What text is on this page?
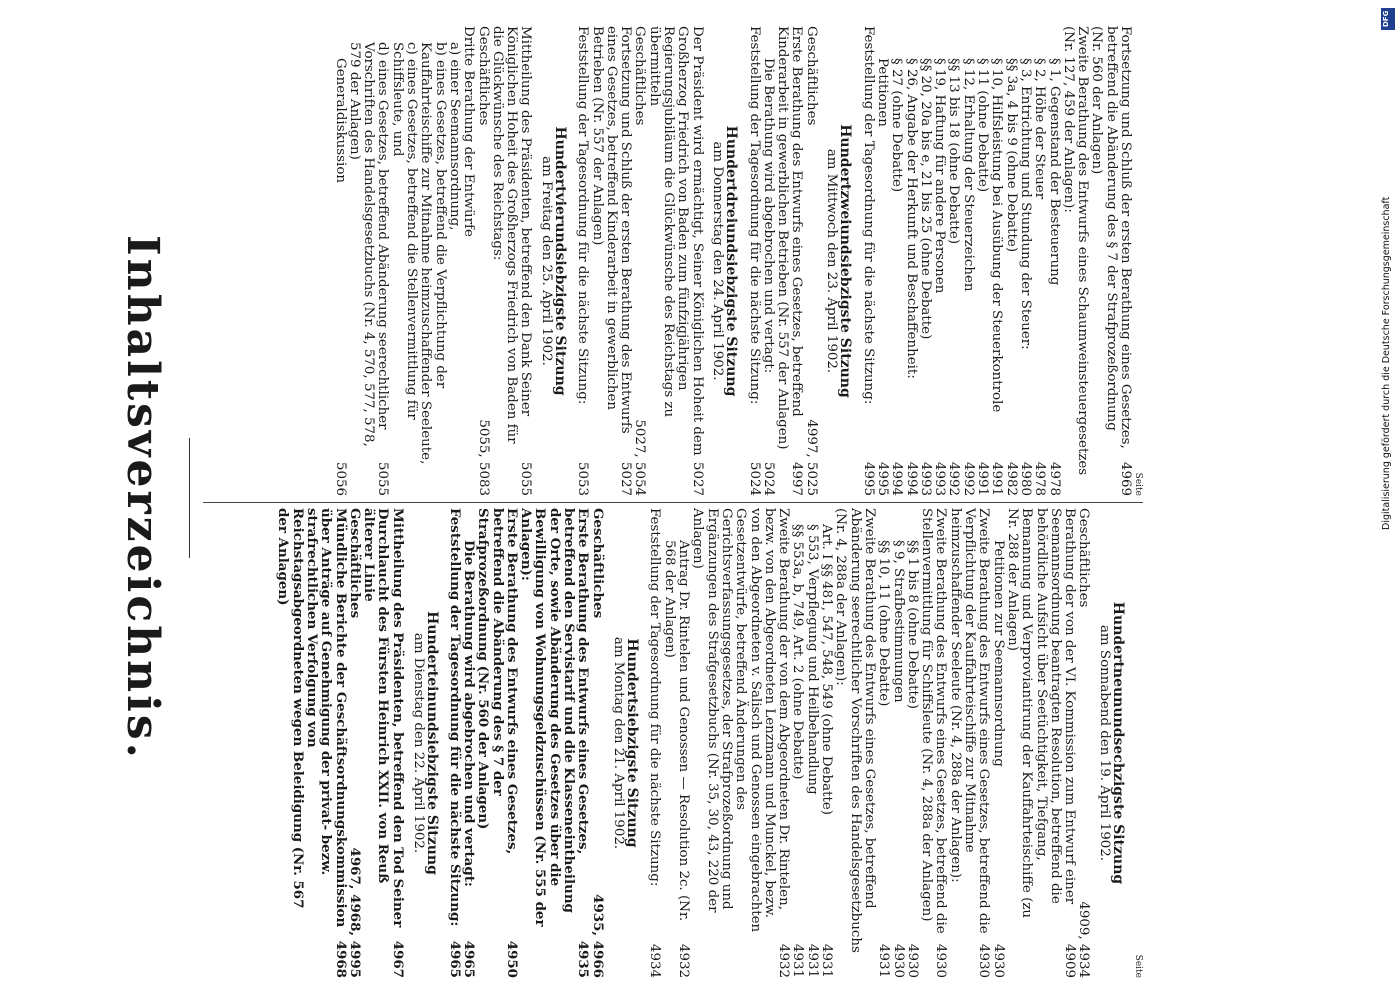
Inhaltsverzeichnis.
Seite
Hundertneunundsechzigste Sitzung
am Sonnabend den 19. April 1902.
Geschäftliches
4909, 4934
Berathung der von der VI. Kommission zum Entwurf einer Seemannsordnung beantragten Resolution, betreffend die behördliche Aufsicht über Seetüchtigkeit, Tiefgang, Bemannung und Verproviantirung der Kauffahrteischiffe (zu Nr. 288 der Anlagen)
4909
Petitionen zur Seemannsordnung
4930
Zweite Berathung des Entwurfs eines Gesetzes, betreffend die Verpflichtung der Kauffahrteischiffe zur Mitnahme heimzuschaffender Seeleute (Nr. 4, 288a der Anlagen):
4930
Zweite Berathung des Entwurfs eines Gesetzes, betreffend die Stellenvermittlung für Schiffsleute (Nr. 4, 288a der Anlagen)
4930
§§ 1 bis 8 (ohne Debatte)
4930
§ 9, Strafbestimmungen
4930
§§ 10, 11 (ohne Debatte)
4931
Zweite Berathung des Entwurfs eines Gesetzes, betreffend Abänderung seerechtlicher Vorschriften des Handelsgesetzbuchs (Nr. 4, 288a der Anlagen):
Art. I §§ 481, 547, 548, 549 (ohne Debatte)
4931
§ 553, Verpflegung und Heilbehandlung
4931
§§ 553a, b, 749, Art. 2 (ohne Debatte)
4931
Zweite Berathung der von dem Abgeordneten Dr. Rintelen, bezw. von den Abgeordneten Lenzmann und Munckel, bezw. von den Abgeordneten v. Salisch und Genossen eingebrachten Gesetzentwürfe, betreffend Änderungen des Gerichtsverfassungsgesetzes, der Strafprozeßordnung und Ergänzungen des Strafgesetzbuchs (Nr. 35, 30, 43, 220 der Anlagen)
4932
Antrag Dr. Rintelen und Genossen — Resolution 2c. (Nr. 568 der Anlagen)
4932
Feststellung der Tagesordnung für die nächste Sitzung:
4934
Hundertsiebzigste Sitzung
am Montag den 21. April 1902.
Geschäftliches
4935, 4966
Erste Berathung des Entwurfs eines Gesetzes, betreffend den Servistarif und die Klasseneintheilung der Orte, sowie Abänderung des Gesetzes über die Bewilligung von Wohnungsgeldzuschüssen (Nr. 555 der Anlagen):
4935
Erste Berathung des Entwurfs eines Gesetzes, betreffend die Abänderung des § 7 der Strafprozeßordnung (Nr. 560 der Anlagen)
4950
Die Berathung wird abgebrochen und vertagt:
4965
Feststellung der Tagesordnung für die nächste Sitzung:
4965
Hunderteinundsiebzigste Sitzung
am Dienstag den 22. April 1902.
Mittheilung des Präsidenten, betreffend den Tod Seiner Durchlaucht des Fürsten Heinrich XXII. von Reuß älterer Linie
4967
Geschäftliches
4967, 4968, 4995
Mündliche Berichte der Geschäftsordnungskommission über Anträge auf Genehmigung der privat- bezw. strafrechtlichen Verfolgung von Reichstagsabgeordneten wegen Beleidigung (Nr. 567 der Anlagen)
4968
Seite
Fortsetzung und Schluß der ersten Berathung eines Gesetzes, betreffend die Abänderung des § 7 der Strafprozeßordnung (Nr. 560 der Anlagen)
4969
Zweite Berathung des Entwurfs eines Schaumweinsteuergesetzes (Nr. 127, 459 der Anlagen):
§ 1, Gegenstand der Besteuerung
4978
§ 2, Höhe der Steuer
4978
§ 3, Entrichtung und Stundung der Steuer:
4980
§§ 3a, 4 bis 9 (ohne Debatte)
4982
§ 10, Hilfsleistung bei Ausübung der Steuerkontrole
4991
§ 11 (ohne Debatte)
4991
§ 12, Erhaltung der Steuerzeichen
4992
§§ 13 bis 18 (ohne Debatte)
4992
§ 19, Haftung für andere Personen
4993
§§ 20, 20a bis e, 21 bis 25 (ohne Debatte)
4993
§ 26, Angabe der Herkunft und Beschaffenheit:
4994
§ 27 (ohne Debatte)
4994
Petitionen
4995
Feststellung der Tagesordnung für die nächste Sitzung:
4995
Hundertzweiundsiebzigste Sitzung
am Mittwoch den 23. April 1902.
Geschäftliches
4997, 5025
Erste Berathung des Entwurfs eines Gesetzes, betreffend Kinderarbeit in gewerblichen Betrieben (Nr. 557 der Anlagen)
4997
Die Berathung wird abgebrochen und vertagt:
5024
Feststellung der Tagesordnung für die nächste Sitzung:
5024
Hundertdreiundsiebzigste Sitzung
am Donnerstag den 24. April 1902.
Der Präsident wird ermächtigt, Seiner Königlichen Hoheit dem Großherzog Friedrich von Baden zum fünfzigjährigen Regierungsjubiläum die Glückwünsche des Reichstags zu übermitteln
5027
Geschäftliches
5027, 5054
Fortsetzung und Schluß der ersten Berathung des Entwurfs eines Gesetzes, betreffend Kinderarbeit in gewerblichen Betrieben (Nr. 557 der Anlagen)
5027
Feststellung der Tagesordnung für die nächste Sitzung:
5053
Hundertvierundsiebzigste Sitzung
am Freitag den 25. April 1902.
Mittheilung des Präsidenten, betreffend den Dank Seiner Königlichen Hoheit des Großherzogs Friedrich von Baden für die Glückwünsche des Reichstags:
5055
Geschäftliches
5055, 5083
Dritte Berathung der Entwürfe
a) einer Seemannsordnung,
b) eines Gesetzes, betreffend die Verpflichtung der Kauffahrteischiffe zur Mitnahme heimzuschaffender Seeleute,
c) eines Gesetzes, betreffend die Stellenvermittlung für Schiffsleute, und
d) eines Gesetzes, betreffend Abänderung seerechtlicher Vorschriften des Handelsgesetzbuchs (Nr. 4, 570, 577, 578, 579 der Anlagen)
5055
Generaldiskussion
5056	Digitalisierung gefördert durch die Deutsche Forschungsgemeinschaft
DFG
